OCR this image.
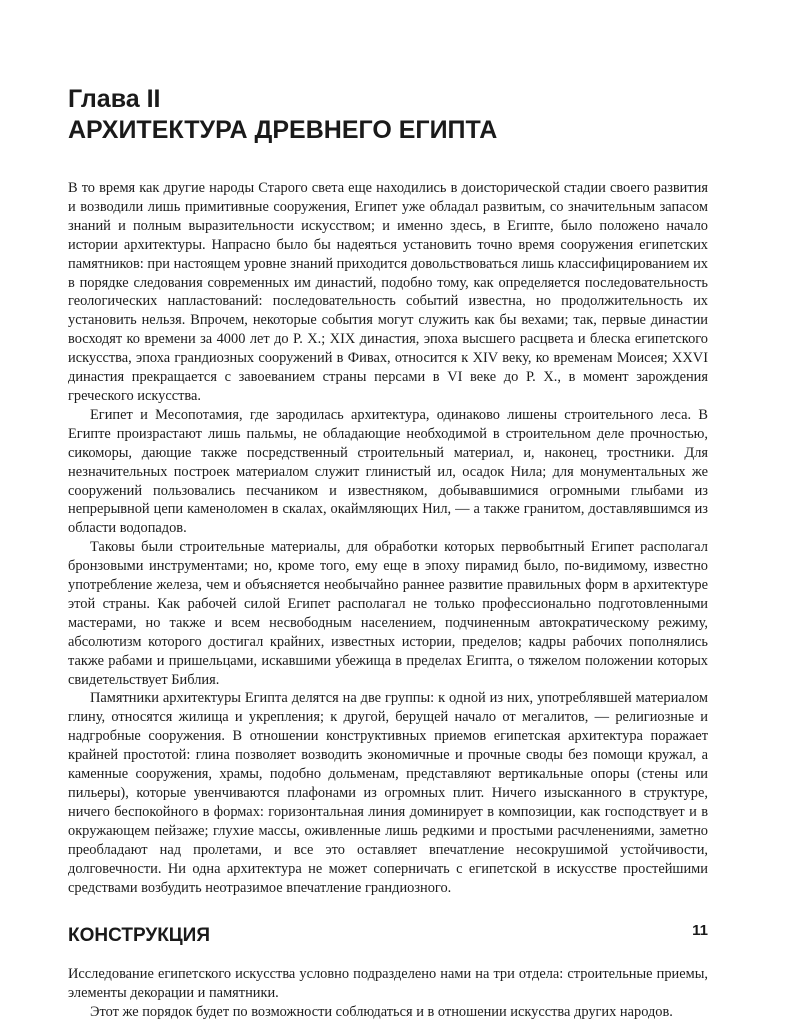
Глава II
АРХИТЕКТУРА ДРЕВНЕГО ЕГИПТА

В то время как другие народы Старого света еще находились в доисторической стадии своего развития и возводили лишь примитивные сооружения, Египет уже обладал развитым, со значительным запасом знаний и полным выразительности искусством; и именно здесь, в Египте, было положено начало истории архитектуры. Напрасно было бы надеяться установить точно время сооружения египетских памятников: при настоящем уровне знаний приходится довольствоваться лишь классифицированием их в порядке следования современных им династий, подобно тому, как определяется последовательность геологических напластований: последовательность событий известна, но продолжительность их установить нельзя. Впрочем, некоторые события могут служить как бы вехами; так, первые династии восходят ко времени за 4000 лет до Р. Х.; XIX династия, эпоха высшего расцвета и блеска египетского искусства, эпоха грандиозных сооружений в Фивах, относится к XIV веку, ко временам Моисея; XXVI династия прекращается с завоеванием страны персами в VI веке до Р. Х., в момент зарождения греческого искусства.

Египет и Месопотамия, где зародилась архитектура, одинаково лишены строительного леса. В Египте произрастают лишь пальмы, не обладающие необходимой в строительном деле прочностью, сикоморы, дающие также посредственный строительный материал, и, наконец, тростники. Для незначительных построек материалом служит глинистый ил, осадок Нила; для монументальных же сооружений пользовались песчаником и известняком, добывавшимися огромными глыбами из непрерывной цепи каменоломен в скалах, окаймляющих Нил, — а также гранитом, доставлявшимся из области водопадов.

Таковы были строительные материалы, для обработки которых первобытный Египет располагал бронзовыми инструментами; но, кроме того, ему еще в эпоху пирамид было, по-видимому, известно употребление железа, чем и объясняется необычайно раннее развитие правильных форм в архитектуре этой страны. Как рабочей силой Египет располагал не только профессионально подготовленными мастерами, но также и всем несвободным населением, подчиненным автократическому режиму, абсолютизм которого достигал крайних, известных истории, пределов; кадры рабочих пополнялись также рабами и пришельцами, искавшими убежища в пределах Египта, о тяжелом положении которых свидетельствует Библия.

Памятники архитектуры Египта делятся на две группы: к одной из них, употреблявшей материалом глину, относятся жилища и укрепления; к другой, берущей начало от мегалитов, — религиозные и надгробные сооружения. В отношении конструктивных приемов египетская архитектура поражает крайней простотой: глина позволяет возводить экономичные и прочные своды без помощи кружал, а каменные сооружения, храмы, подобно дольменам, представляют вертикальные опоры (стены или пильеры), которые увенчиваются плафонами из огромных плит. Ничего изысканного в структуре, ничего беспокойного в формах: горизонтальная линия доминирует в композиции, как господствует и в окружающем пейзаже; глухие массы, оживленные лишь редкими и простыми расчленениями, заметно преобладают над пролетами, и все это оставляет впечатление несокрушимой устойчивости, долговечности. Ни одна архитектура не может соперничать с египетской в искусстве простейшими средствами возбудить неотразимое впечатление грандиозного.

КОНСТРУКЦИЯ

Исследование египетского искусства условно подразделено нами на три отдела: строительные приемы, элементы декорации и памятники.

Этот же порядок будет по возможности соблюдаться и в отношении искусства других народов.

11
